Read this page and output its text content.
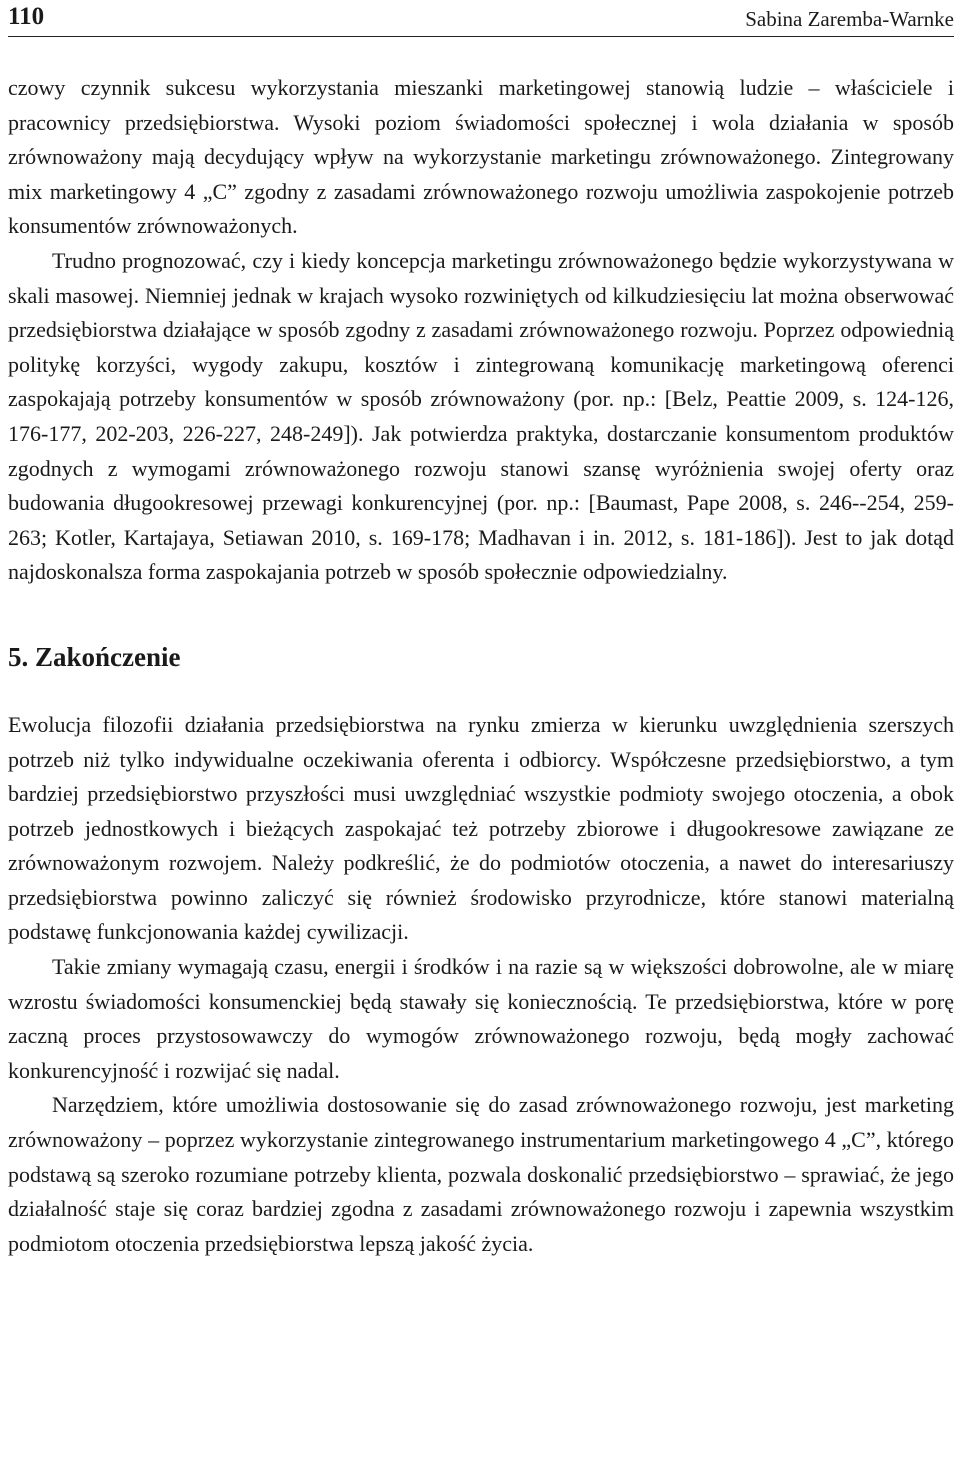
110	Sabina Zaremba-Warnke

czowy czynnik sukcesu wykorzystania mieszanki marketingowej stanowią ludzie – właściciele i pracownicy przedsiębiorstwa. Wysoki poziom świadomości społecznej i wola działania w sposób zrównoważony mają decydujący wpływ na wykorzystanie marketingu zrównoważonego. Zintegrowany mix marketingowy 4 „C” zgodny z zasadami zrównoważonego rozwoju umożliwia zaspokojenie potrzeb konsumentów zrównoważonych.

Trudno prognozować, czy i kiedy koncepcja marketingu zrównoważonego będzie wykorzystywana w skali masowej. Niemniej jednak w krajach wysoko rozwiniętych od kilkudziesięciu lat można obserwować przedsiębiorstwa działające w sposób zgodny z zasadami zrównoważonego rozwoju. Poprzez odpowiednią politykę korzyści, wygody zakupu, kosztów i zintegrowaną komunikację marketingową oferenci zaspokajają potrzeby konsumentów w sposób zrównoważony (por. np.: [Belz, Peattie 2009, s. 124-126, 176-177, 202-203, 226-227, 248-249]). Jak potwierdza praktyka, dostarczanie konsumentom produktów zgodnych z wymogami zrównoważonego rozwoju stanowi szansę wyróżnienia swojej oferty oraz budowania długookresowej przewagi konkurencyjnej (por. np.: [Baumast, Pape 2008, s. 246--254, 259-263; Kotler, Kartajaya, Setiawan 2010, s. 169-178; Madhavan i in. 2012, s. 181-186]). Jest to jak dotąd najdoskonalsza forma zaspokajania potrzeb w sposób społecznie odpowiedzialny.

5. Zakończenie

Ewolucja filozofii działania przedsiębiorstwa na rynku zmierza w kierunku uwzględnienia szerszych potrzeb niż tylko indywidualne oczekiwania oferenta i odbiorcy. Współczesne przedsiębiorstwo, a tym bardziej przedsiębiorstwo przyszłości musi uwzględniać wszystkie podmioty swojego otoczenia, a obok potrzeb jednostkowych i bieżących zaspokajać też potrzeby zbiorowe i długookresowe zawiązane ze zrównoważonym rozwojem. Należy podkreślić, że do podmiotów otoczenia, a nawet do interesariuszy przedsiębiorstwa powinno zaliczyć się również środowisko przyrodnicze, które stanowi materialną podstawę funkcjonowania każdej cywilizacji.

Takie zmiany wymagają czasu, energii i środków i na razie są w większości dobrowolne, ale w miarę wzrostu świadomości konsumenckiej będą stawały się koniecznością. Te przedsiębiorstwa, które w porę zaczną proces przystosowawczy do wymogów zrównoważonego rozwoju, będą mogły zachować konkurencyjność i rozwijać się nadal.

Narzędziem, które umożliwia dostosowanie się do zasad zrównoważonego rozwoju, jest marketing zrównoważony – poprzez wykorzystanie zintegrowanego instrumentarium marketingowego 4 „C”, którego podstawą są szeroko rozumiane potrzeby klienta, pozwala doskonalić przedsiębiorstwo – sprawiać, że jego działalność staje się coraz bardziej zgodna z zasadami zrównoważonego rozwoju i zapewnia wszystkim podmiotom otoczenia przedsiębiorstwa lepszą jakość życia.
